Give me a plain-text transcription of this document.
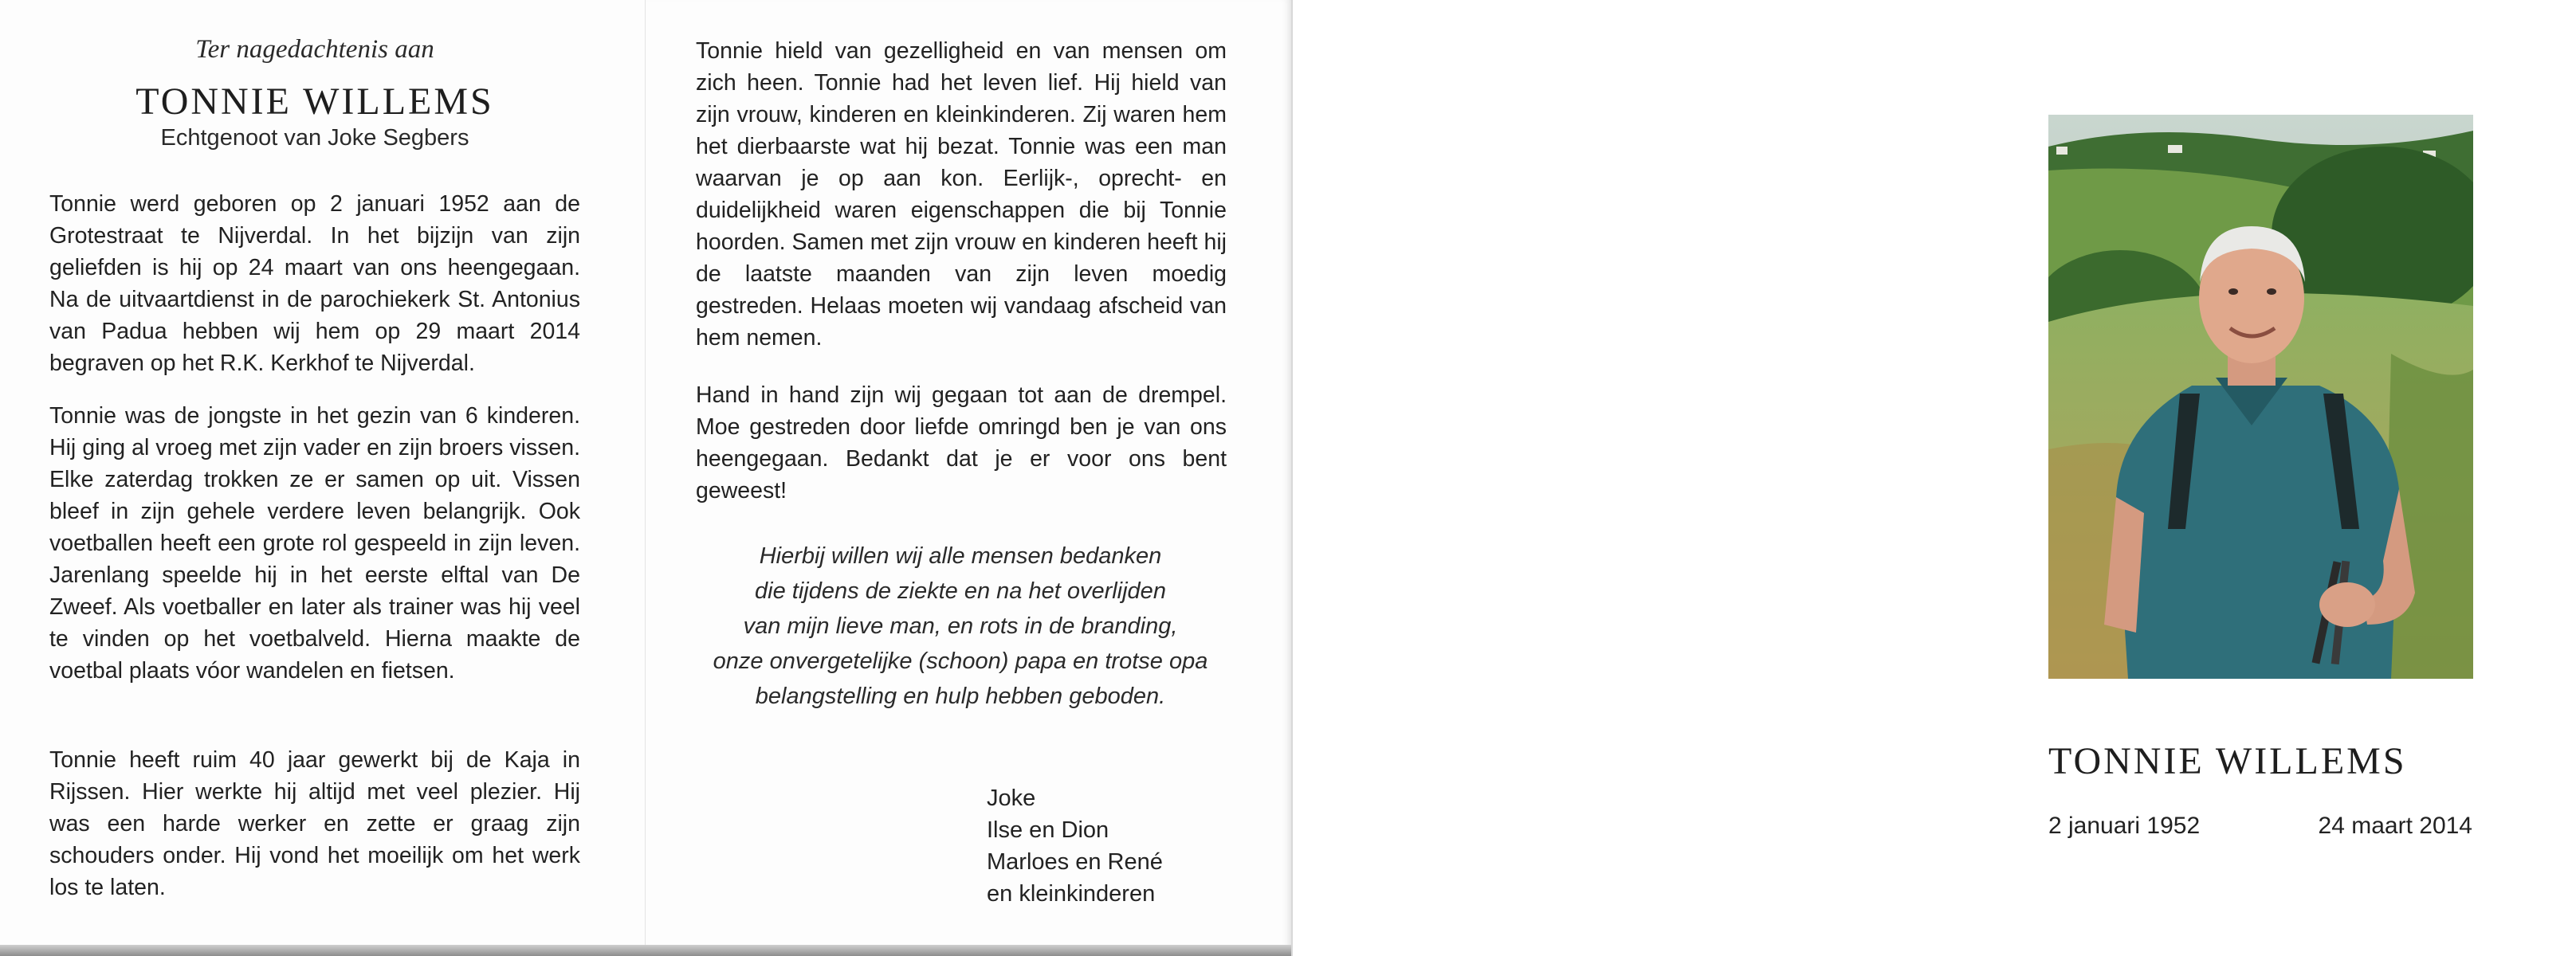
Ter nagedachtenis aan
TONNIE WILLEMS
Echtgenoot van Joke Segbers
Tonnie werd geboren op 2 januari 1952 aan de Grotestraat te Nijverdal. In het bijzijn van zijn geliefden is hij op 24 maart van ons heengegaan. Na de uitvaartdienst in de parochiekerk St. Antonius van Padua hebben wij hem op 29 maart 2014 begraven op het R.K. Kerkhof te Nijverdal.
Tonnie was de jongste in het gezin van 6 kinderen. Hij ging al vroeg met zijn vader en zijn broers vissen. Elke zaterdag trokken ze er samen op uit. Vissen bleef in zijn gehele verdere leven belangrijk. Ook voetballen heeft een grote rol gespeeld in zijn leven. Jarenlang speelde hij in het eerste elftal van De Zweef. Als voetballer en later als trainer was hij veel te vinden op het voetbalveld. Hierna maakte de voetbal plaats vóor wandelen en fietsen.
Tonnie heeft ruim 40 jaar gewerkt bij de Kaja in Rijssen. Hier werkte hij altijd met veel plezier. Hij was een harde werker en zette er graag zijn schouders onder. Hij vond het moeilijk om het werk los te laten.
Tonnie hield van gezelligheid en van mensen om zich heen. Tonnie had het leven lief. Hij hield van zijn vrouw, kinderen en kleinkinderen. Zij waren hem het dierbaarste wat hij bezat. Tonnie was een man waarvan je op aan kon. Eerlijk-, oprecht- en duidelijkheid waren eigenschappen die bij Tonnie hoorden. Samen met zijn vrouw en kinderen heeft hij de laatste maanden van zijn leven moedig gestreden. Helaas moeten wij vandaag afscheid van hem nemen.
Hand in hand zijn wij gegaan tot aan de drempel. Moe gestreden door liefde omringd ben je van ons heengegaan. Bedankt dat je er voor ons bent geweest!
Hierbij willen wij alle mensen bedanken
die tijdens de ziekte en na het overlijden
van mijn lieve man, en rots in de branding,
onze onvergetelijke (schoon) papa en trotse opa
belangstelling en hulp hebben geboden.
Joke
Ilse en Dion
Marloes en René
en kleinkinderen
TONNIE WILLEMS
2 januari 1952	24 maart 2014
